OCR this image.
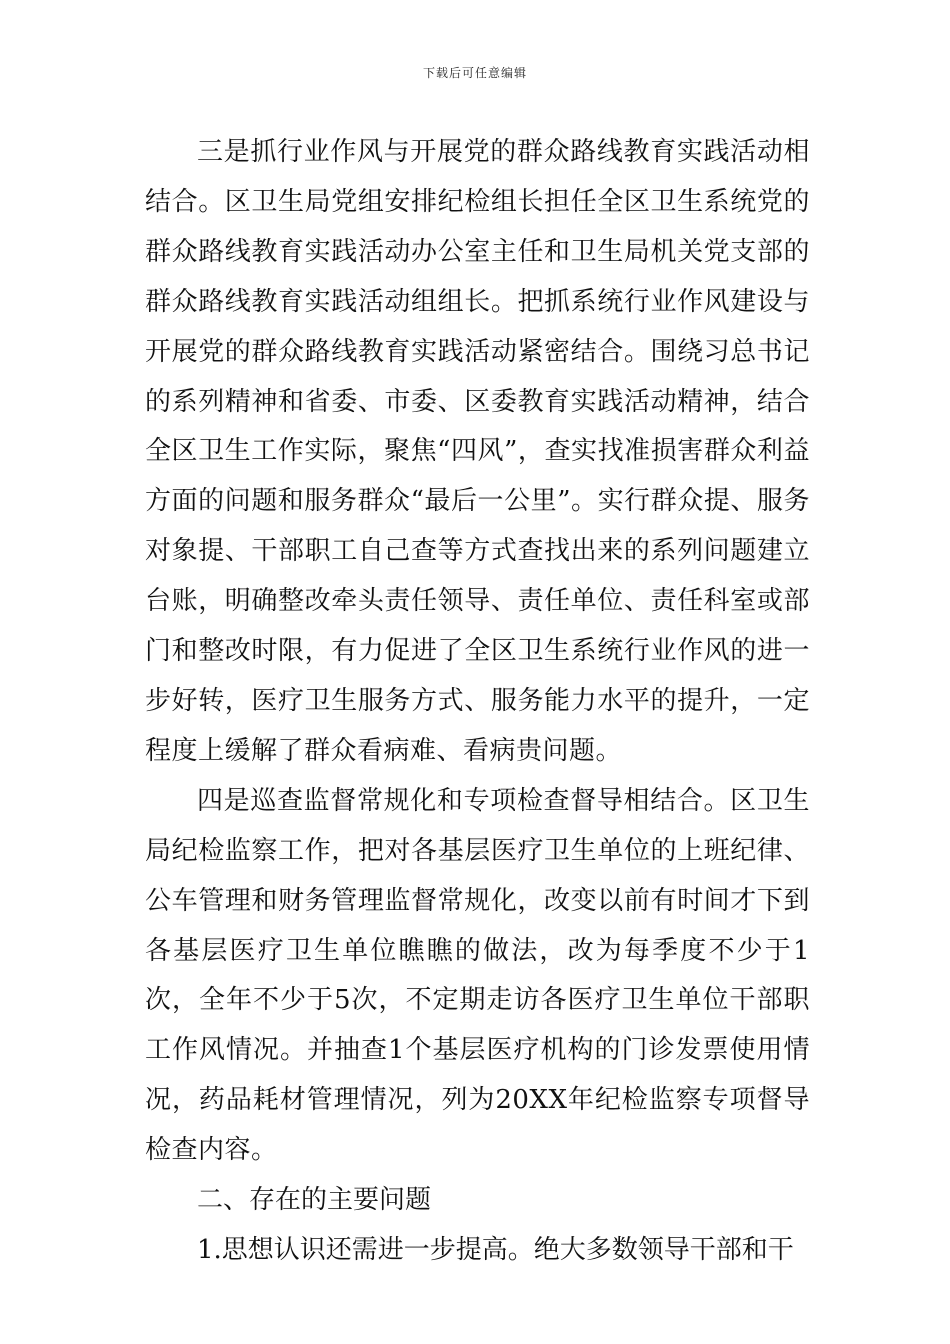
下载后可任意编辑

三是抓行业作风与开展党的群众路线教育实践活动相结合。区卫生局党组安排纪检组长担任全区卫生系统党的群众路线教育实践活动办公室主任和卫生局机关党支部的群众路线教育实践活动组组长。把抓系统行业作风建设与开展党的群众路线教育实践活动紧密结合。围绕习总书记的系列精神和省委、市委、区委教育实践活动精神，结合全区卫生工作实际，聚焦“四风”，查实找准损害群众利益方面的问题和服务群众“最后一公里”。实行群众提、服务对象提、干部职工自己查等方式查找出来的系列问题建立台账，明确整改牵头责任领导、责任单位、责任科室或部门和整改时限，有力促进了全区卫生系统行业作风的进一步好转，医疗卫生服务方式、服务能力水平的提升，一定程度上缓解了群众看病难、看病贵问题。

四是巡查监督常规化和专项检查督导相结合。区卫生局纪检监察工作，把对各基层医疗卫生单位的上班纪律、公车管理和财务管理监督常规化，改变以前有时间才下到各基层医疗卫生单位瞧瞧的做法，改为每季度不少于1次，全年不少于5次，不定期走访各医疗卫生单位干部职工作风情况。并抽查1个基层医疗机构的门诊发票使用情况，药品耗材管理情况，列为20XX年纪检监察专项督导检查内容。

二、存在的主要问题

1.思想认识还需进一步提高。绝大多数领导干部和干
